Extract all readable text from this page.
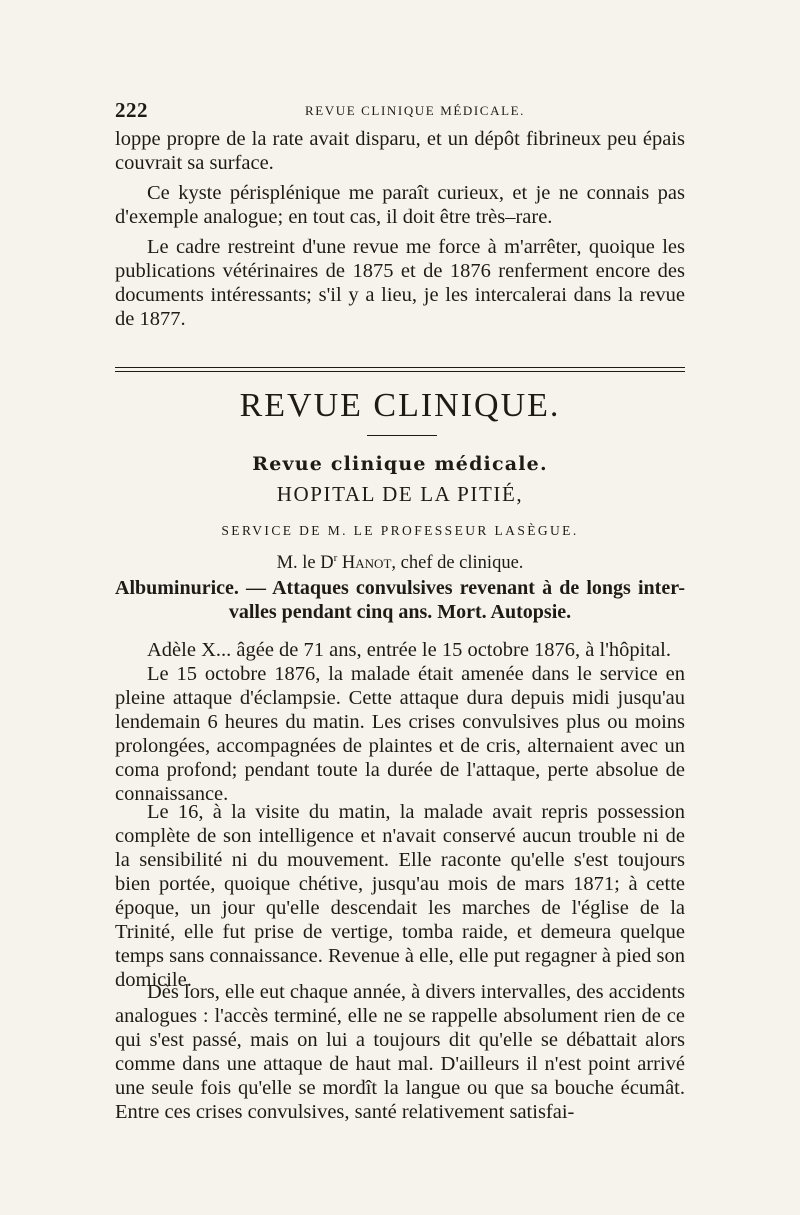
222	REVUE CLINIQUE MÉDICALE.
loppe propre de la rate avait disparu, et un dépôt fibrineux peu épais couvrait sa surface.
Ce kyste périsplénique me paraît curieux, et je ne connais pas d'exemple analogue; en tout cas, il doit être très–rare.
Le cadre restreint d'une revue me force à m'arrêter, quoique les publications vétérinaires de 1875 et de 1876 renferment encore des documents intéressants; s'il y a lieu, je les intercalerai dans la revue de 1877.
REVUE CLINIQUE.
Revue clinique médicale.
HOPITAL DE LA PITIÉ,
SERVICE DE M. LE PROFESSEUR LASÈGUE.
M. le $D^r$ Hanot, chef de clinique.
Albuminurice. — Attaques convulsives revenant à de longs inter-
valles pendant cinq ans. Mort. Autopsie.
Adèle X... âgée de 71 ans, entrée le 15 octobre 1876, à l'hôpital.
Le 15 octobre 1876, la malade était amenée dans le service en pleine attaque d'éclampsie. Cette attaque dura depuis midi jusqu'au lendemain 6 heures du matin. Les crises convulsives plus ou moins prolongées, accompagnées de plaintes et de cris, alternaient avec un coma profond; pendant toute la durée de l'attaque, perte absolue de connaissance.
Le 16, à la visite du matin, la malade avait repris possession complète de son intelligence et n'avait conservé aucun trouble ni de la sensibilité ni du mouvement. Elle raconte qu'elle s'est toujours bien portée, quoique chétive, jusqu'au mois de mars 1871; à cette époque, un jour qu'elle descendait les marches de l'église de la Trinité, elle fut prise de vertige, tomba raide, et demeura quelque temps sans connaissance. Revenue à elle, elle put regagner à pied son domicile.
Dès lors, elle eut chaque année, à divers intervalles, des accidents analogues : l'accès terminé, elle ne se rappelle absolument rien de ce qui s'est passé, mais on lui a toujours dit qu'elle se débattait alors comme dans une attaque de haut mal. D'ailleurs il n'est point arrivé une seule fois qu'elle se mordît la langue ou que sa bouche écumât. Entre ces crises convulsives, santé relativement satisfai-
